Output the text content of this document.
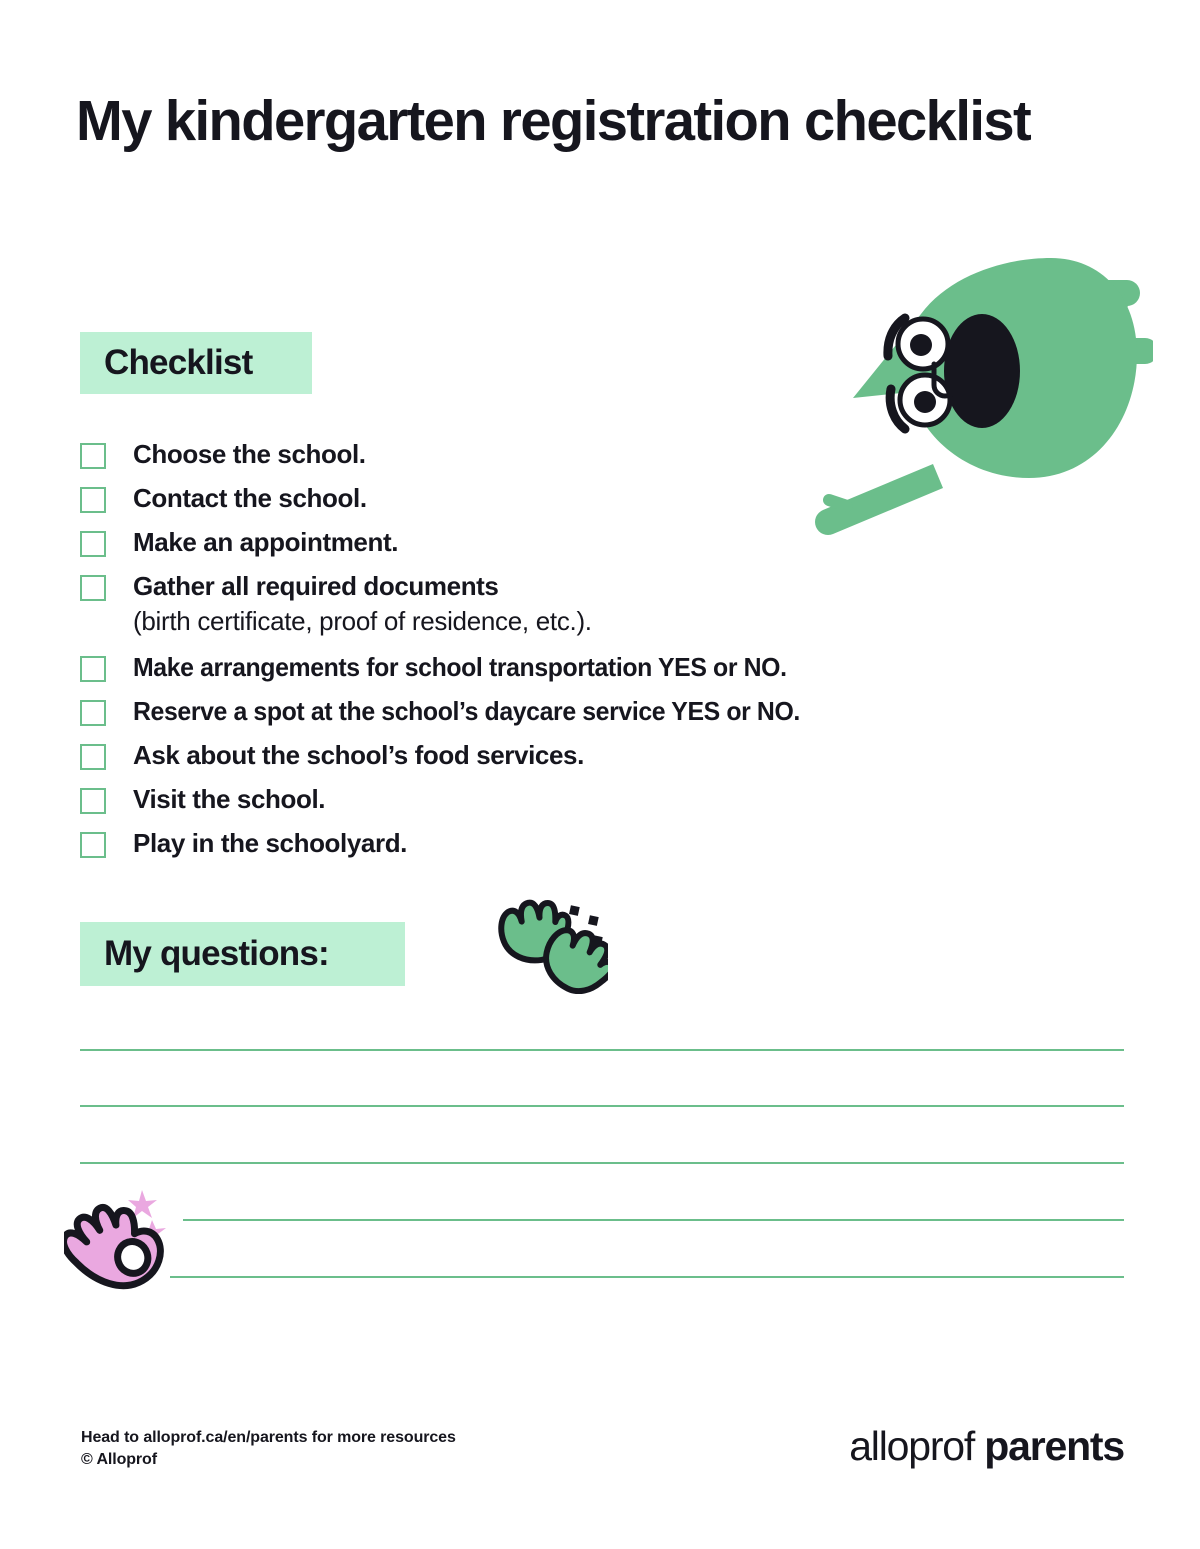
My kindergarten registration checklist
Checklist
Choose the school.
Contact the school.
Make an appointment.
Gather all required documents
(birth certificate, proof of residence, etc.).
Make arrangements for school transportation YES or NO.
Reserve a spot at the school’s daycare service YES or NO.
Ask about the school’s food services.
Visit the school.
Play in the schoolyard.
My questions:
Head to alloprof.ca/en/parents for more resources
© Alloprof	alloprof parents
